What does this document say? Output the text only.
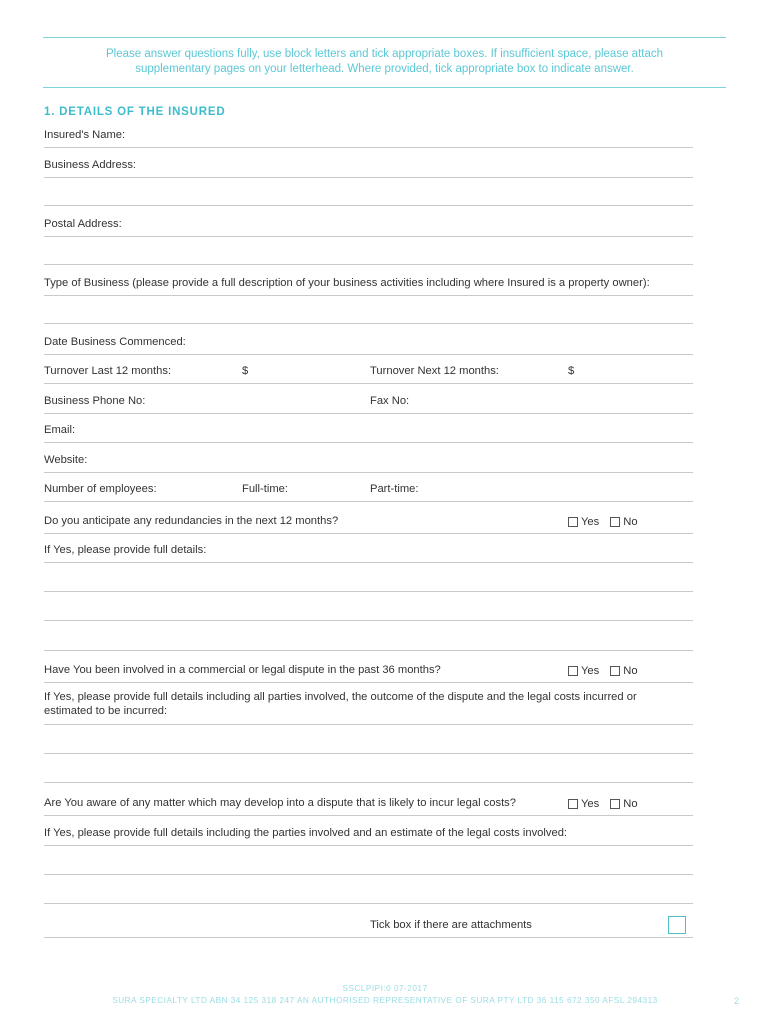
Please answer questions fully, use block letters and tick appropriate boxes. If insufficient space, please attach
supplementary pages on your letterhead. Where provided, tick appropriate box to indicate answer.
1. DETAILS OF THE INSURED
Insured's Name:
Business Address:
Postal Address:
Type of Business (please provide a full description of your business activities including where Insured is a property owner):
Date Business Commenced:
Turnover Last 12 months:	$	Turnover Next 12 months:	$
Business Phone No:	Fax No:
Email:
Website:
Number of employees:	Full-time:	Part-time:
Do you anticipate any redundancies in the next 12 months?	Yes No
If Yes, please provide full details:
Have You been involved in a commercial or legal dispute in the past 36 months?	Yes No
If Yes, please provide full details including all parties involved, the outcome of the dispute and the legal costs incurred or
estimated to be incurred:
Are You aware of any matter which may develop into a dispute that is likely to incur legal costs?	Yes No
If Yes, please provide full details including the parties involved and an estimate of the legal costs involved:
Tick box if there are attachments
SSCLPIPI:0 07-2017
SURA SPECIALTY LTD ABN 34 125 318 247 AN AUTHORISED REPRESENTATIVE OF SURA PTY LTD 36 115 672 350 AFSL 294313	2
